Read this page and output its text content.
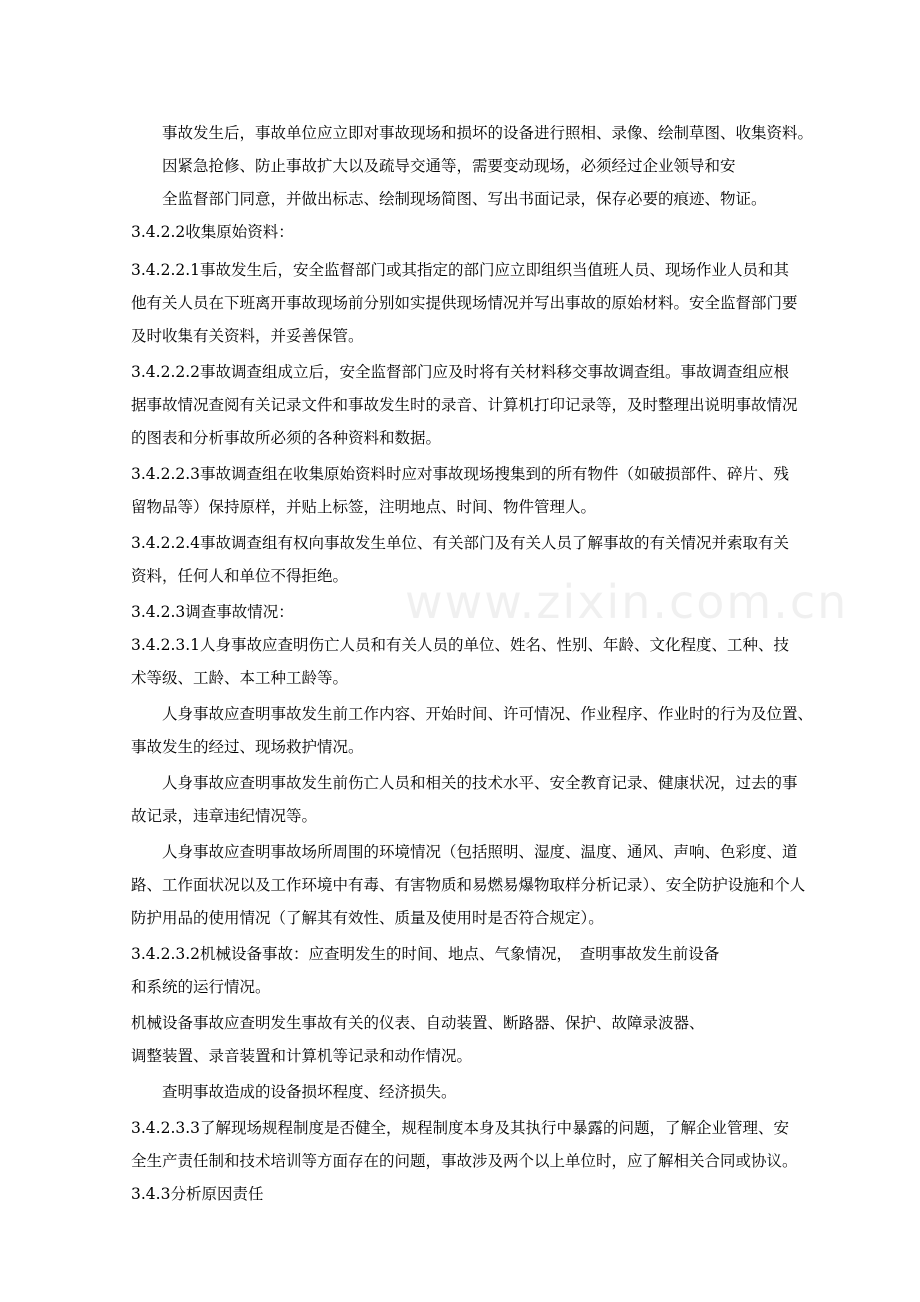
www.zixin.com.cn
事故发生后，事故单位应立即对事故现场和损坏的设备进行照相、录像、绘制草图、收集资料。
因紧急抢修、防止事故扩大以及疏导交通等，需要变动现场，必须经过企业领导和安
全监督部门同意，并做出标志、绘制现场简图、写出书面记录，保存必要的痕迹、物证。
3.4.2.2收集原始资料：
3.4.2.2.1事故发生后，安全监督部门或其指定的部门应立即组织当值班人员、现场作业人员和其
他有关人员在下班离开事故现场前分别如实提供现场情况并写出事故的原始材料。安全监督部门要
及时收集有关资料，并妥善保管。
3.4.2.2.2事故调查组成立后，安全监督部门应及时将有关材料移交事故调查组。事故调查组应根
据事故情况查阅有关记录文件和事故发生时的录音、计算机打印记录等，及时整理出说明事故情况
的图表和分析事故所必须的各种资料和数据。
3.4.2.2.3事故调查组在收集原始资料时应对事故现场搜集到的所有物件（如破损部件、碎片、残
留物品等）保持原样，并贴上标签，注明地点、时间、物件管理人。
3.4.2.2.4事故调查组有权向事故发生单位、有关部门及有关人员了解事故的有关情况并索取有关
资料，任何人和单位不得拒绝。
3.4.2.3调查事故情况：
3.4.2.3.1人身事故应查明伤亡人员和有关人员的单位、姓名、性别、年龄、文化程度、工种、技
术等级、工龄、本工种工龄等。
人身事故应查明事故发生前工作内容、开始时间、许可情况、作业程序、作业时的行为及位置、
事故发生的经过、现场救护情况。
人身事故应查明事故发生前伤亡人员和相关的技术水平、安全教育记录、健康状况，过去的事
故记录，违章违纪情况等。
人身事故应查明事故场所周围的环境情况（包括照明、湿度、温度、通风、声响、色彩度、道
路、工作面状况以及工作环境中有毒、有害物质和易燃易爆物取样分析记录）、安全防护设施和个人
防护用品的使用情况（了解其有效性、质量及使用时是否符合规定）。
3.4.2.3.2机械设备事故：应查明发生的时间、地点、气象情况，　查明事故发生前设备
和系统的运行情况。
机械设备事故应查明发生事故有关的仪表、自动装置、断路器、保护、故障录波器、
调整装置、录音装置和计算机等记录和动作情况。
查明事故造成的设备损坏程度、经济损失。
3.4.2.3.3了解现场规程制度是否健全，规程制度本身及其执行中暴露的问题，了解企业管理、安
全生产责任制和技术培训等方面存在的问题，事故涉及两个以上单位时，应了解相关合同或协议。
3.4.3分析原因责任
